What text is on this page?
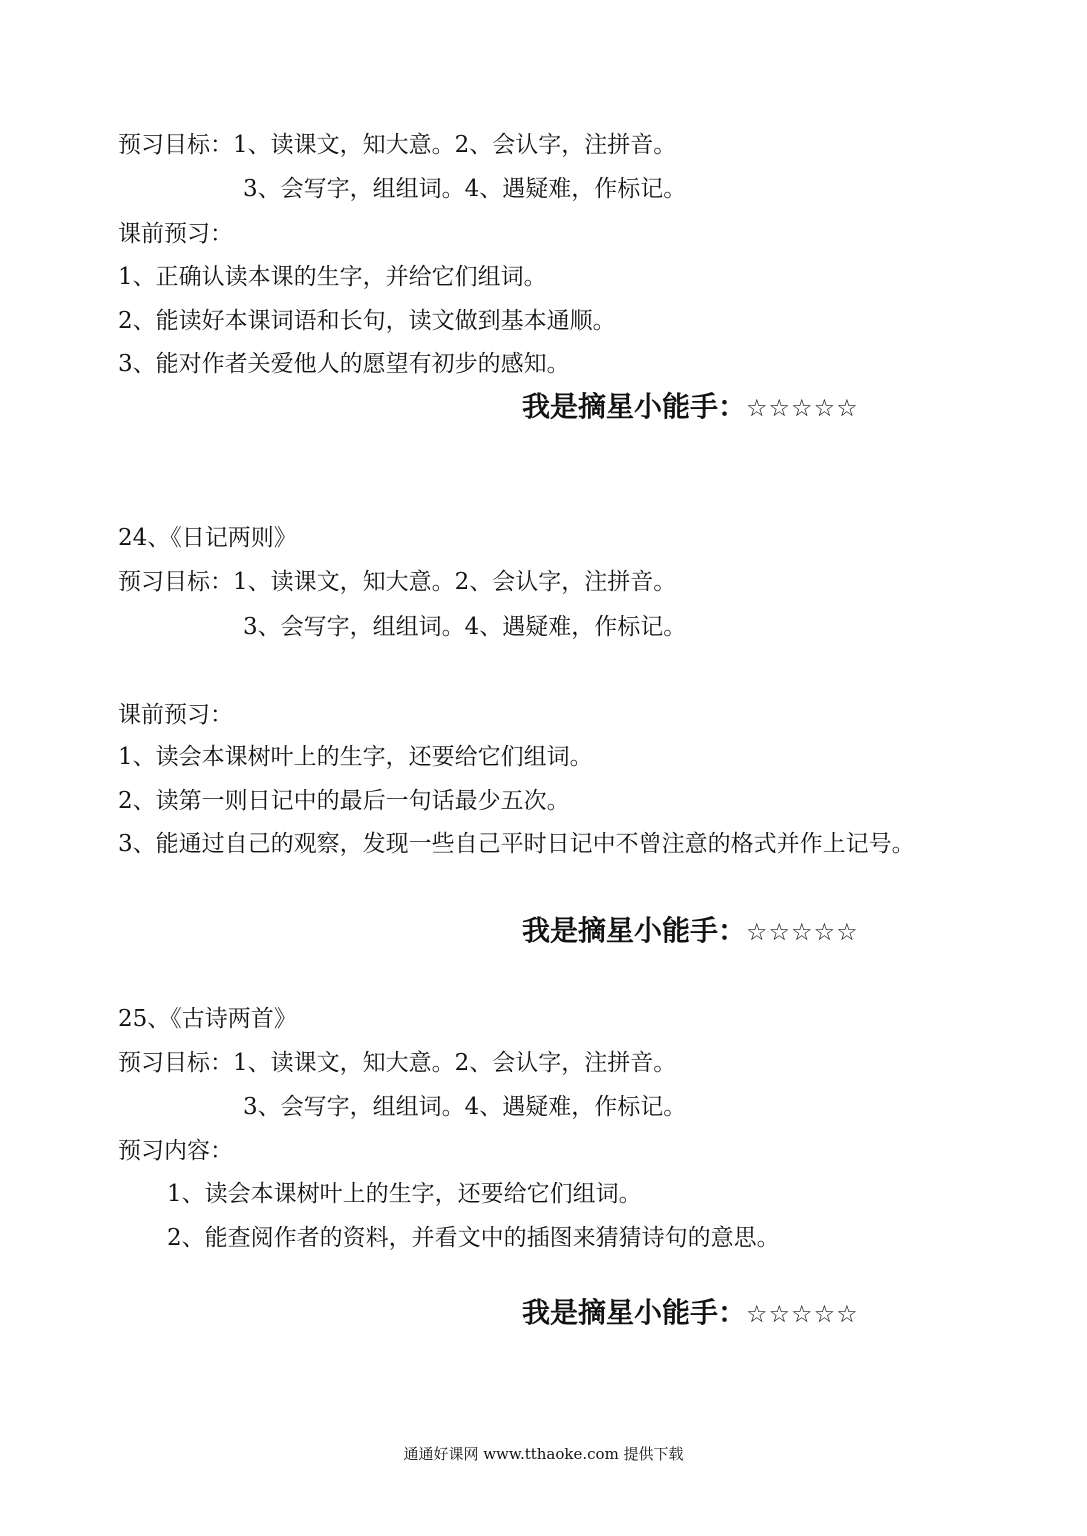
预习目标：1、读课文，知大意。2、会认字，注拼音。
3、会写字，组组词。4、遇疑难，作标记。
课前预习：
1、正确认读本课的生字，并给它们组词。
2、能读好本课词语和长句，读文做到基本通顺。
3、能对作者关爱他人的愿望有初步的感知。
我是摘星小能手：☆☆☆☆☆
24、《日记两则》
预习目标：1、读课文，知大意。2、会认字，注拼音。
3、会写字，组组词。4、遇疑难，作标记。
课前预习：
1、读会本课树叶上的生字，还要给它们组词。
2、读第一则日记中的最后一句话最少五次。
3、能通过自己的观察，发现一些自己平时日记中不曾注意的格式并作上记号。
我是摘星小能手：☆☆☆☆☆
25、《古诗两首》
预习目标：1、读课文，知大意。2、会认字，注拼音。
3、会写字，组组词。4、遇疑难，作标记。
预习内容：
1、读会本课树叶上的生字，还要给它们组词。
2、能查阅作者的资料，并看文中的插图来猜猜诗句的意思。
我是摘星小能手：☆☆☆☆☆
通通好课网 www.tthaoke.com 提供下载
